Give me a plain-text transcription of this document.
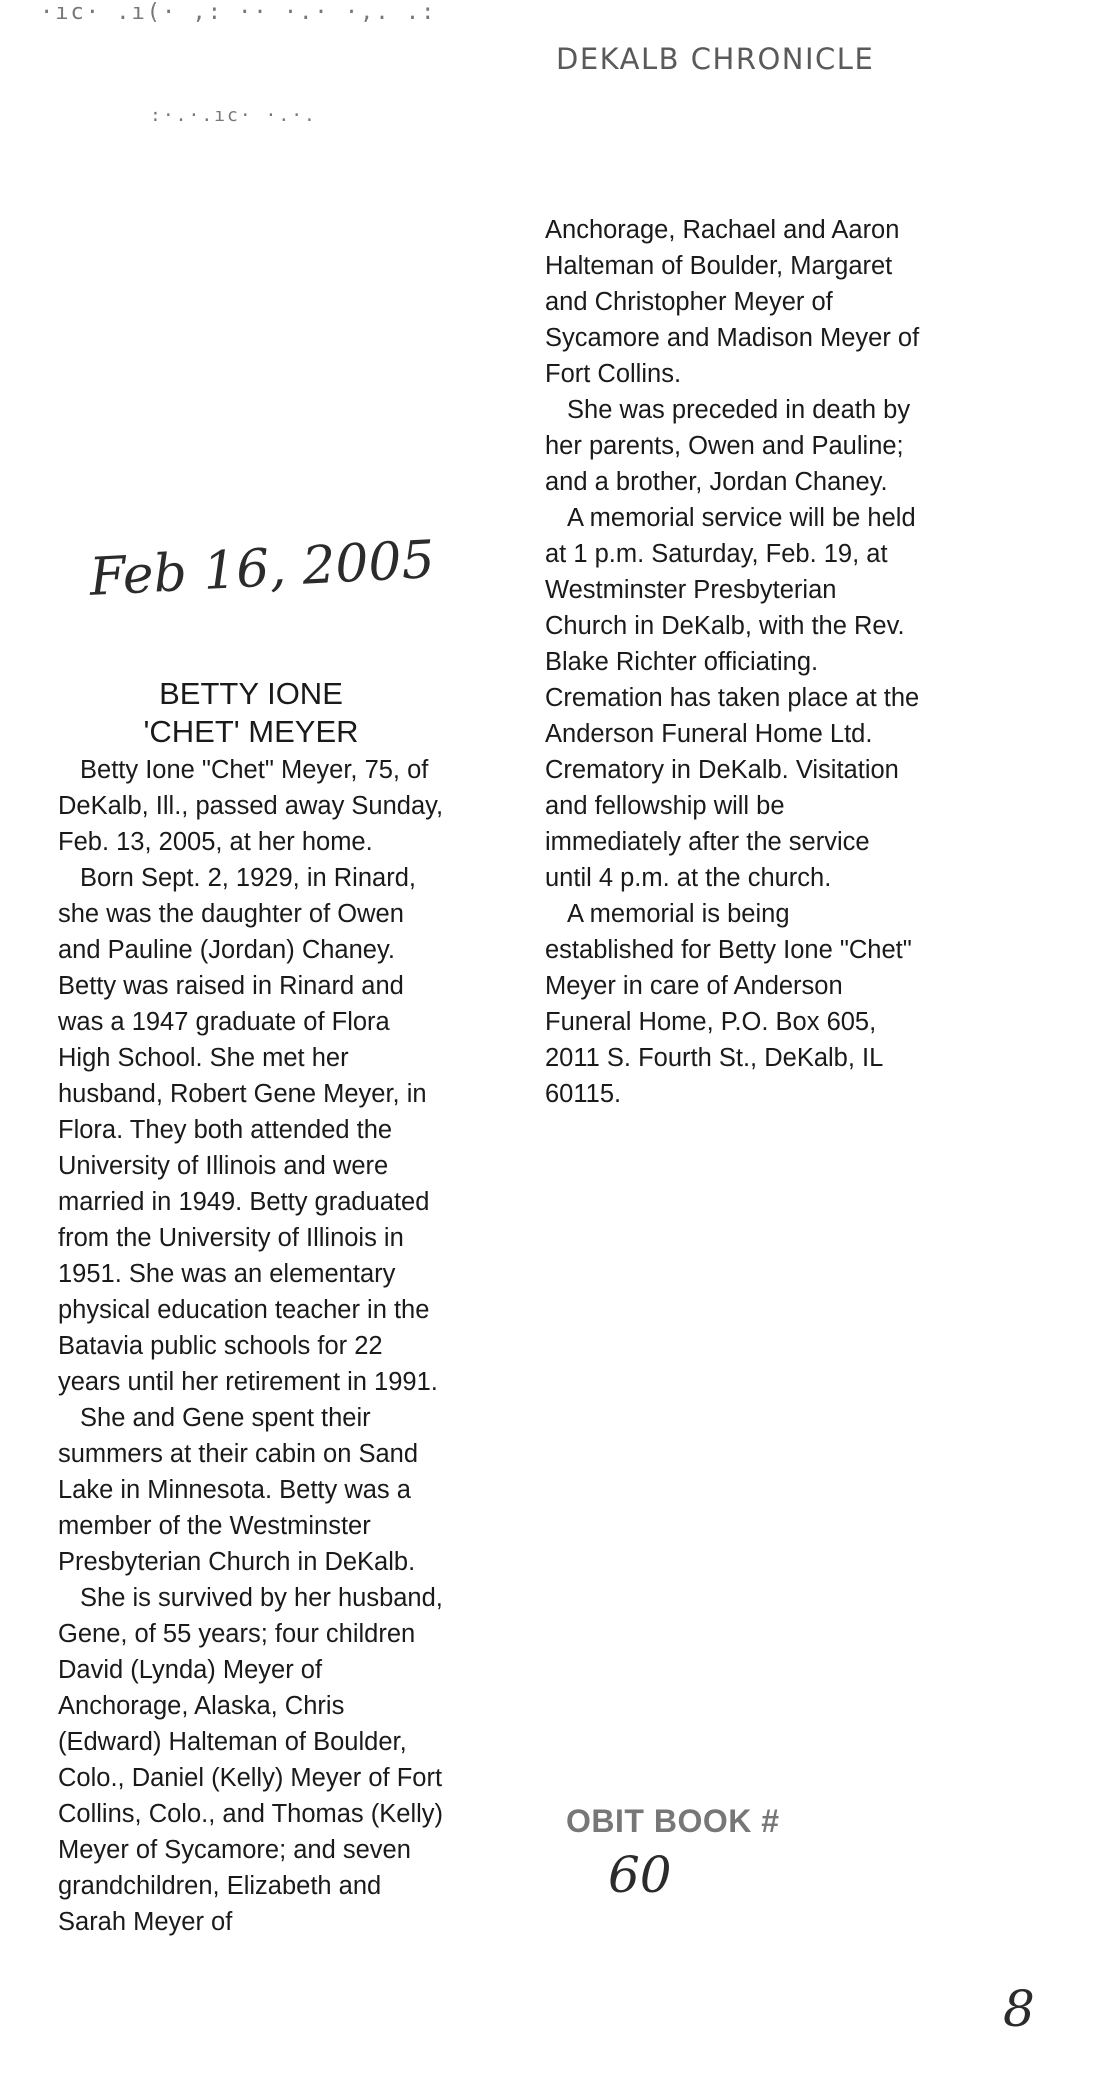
·ıc· .ı(· ,: ·· ·.· ·,. .:
:·.·.ıc· ·.·.
DEKALB CHRONICLE
Feb 16, 2005
BETTY IONE
'CHET' MEYER

Betty Ione "Chet" Meyer, 75, of DeKalb, Ill., passed away Sunday, Feb. 13, 2005, at her home.

Born Sept. 2, 1929, in Rinard, she was the daughter of Owen and Pauline (Jordan) Chaney. Betty was raised in Rinard and was a 1947 graduate of Flora High School. She met her husband, Robert Gene Meyer, in Flora. They both attended the University of Illinois and were married in 1949. Betty graduated from the University of Illinois in 1951. She was an elementary physical education teacher in the Batavia public schools for 22 years until her retirement in 1991.

She and Gene spent their summers at their cabin on Sand Lake in Minnesota. Betty was a member of the Westminster Presbyterian Church in DeKalb.

She is survived by her husband, Gene, of 55 years; four children David (Lynda) Meyer of Anchorage, Alaska, Chris (Edward) Halteman of Boulder, Colo., Daniel (Kelly) Meyer of Fort Collins, Colo., and Thomas (Kelly) Meyer of Sycamore; and seven grandchildren, Elizabeth and Sarah Meyer of

Anchorage, Rachael and Aaron Halteman of Boulder, Margaret and Christopher Meyer of Sycamore and Madison Meyer of Fort Collins.

She was preceded in death by her parents, Owen and Pauline; and a brother, Jordan Chaney.

A memorial service will be held at 1 p.m. Saturday, Feb. 19, at Westminster Presbyterian Church in DeKalb, with the Rev. Blake Richter officiating. Cremation has taken place at the Anderson Funeral Home Ltd. Crematory in DeKalb. Visitation and fellowship will be immediately after the service until 4 p.m. at the church.

A memorial is being established for Betty Ione "Chet" Meyer in care of Anderson Funeral Home, P.O. Box 605, 2011 S. Fourth St., DeKalb, IL 60115.

OBIT BOOK #
60
8
